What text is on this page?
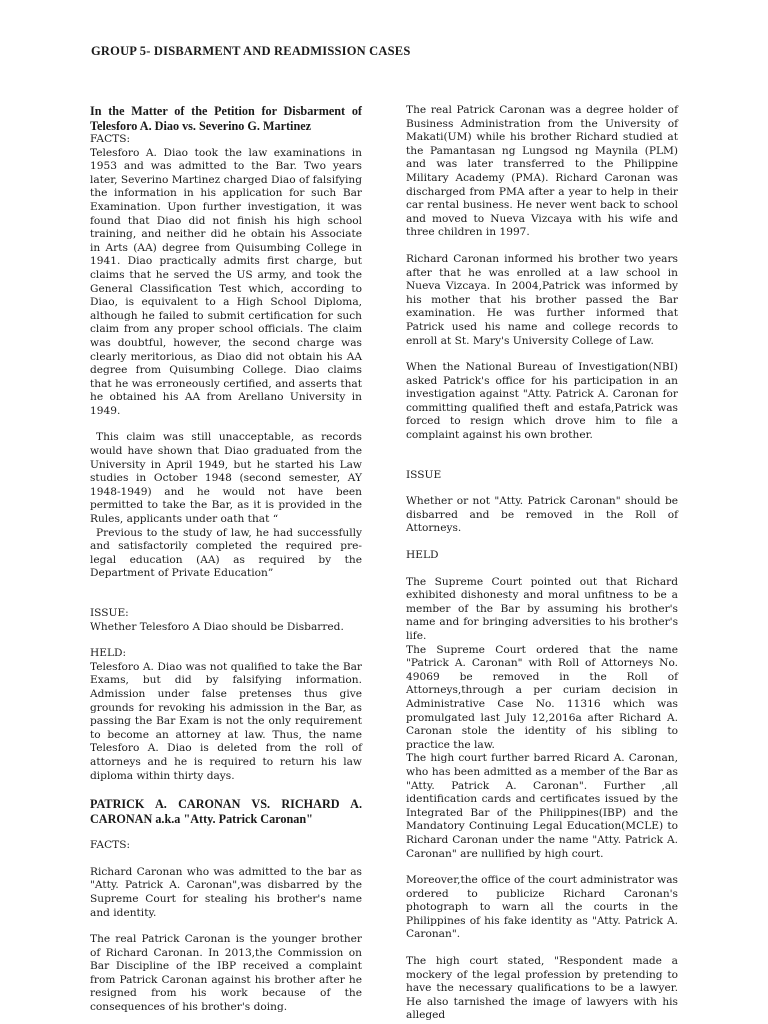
GROUP 5- DISBARMENT AND READMISSION CASES

In the Matter of the Petition for Disbarment of Telesforo A. Diao vs. Severino G. Martinez

FACTS:

Telesforo A. Diao took the law examinations in 1953 and was admitted to the Bar. Two years later, Severino Martinez charged Diao of falsifying the information in his application for such Bar Examination. Upon further investigation, it was found that Diao did not finish his high school training, and neither did he obtain his Associate in Arts (AA) degree from Quisumbing College in 1941. Diao practically admits first charge, but claims that he served the US army, and took the General Classification Test which, according to Diao, is equivalent to a High School Diploma, although he failed to submit certification for such claim from any proper school officials. The claim was doubtful, however, the second charge was clearly meritorious, as Diao did not obtain his AA degree from Quisumbing College. Diao claims that he was erroneously certified, and asserts that he obtained his AA from Arellano University in 1949.

This claim was still unacceptable, as records would have shown that Diao graduated from the University in April 1949, but he started his Law studies in October 1948 (second semester, AY 1948-1949) and he would not have been permitted to take the Bar, as it is provided in the Rules, applicants under oath that “

Previous to the study of law, he had successfully and satisfactorily completed the required pre-legal education (AA) as required by the Department of Private Education”

ISSUE:

Whether Telesforo A Diao should be Disbarred.

HELD:

Telesforo A. Diao was not qualified to take the Bar Exams, but did by falsifying information. Admission under false pretenses thus give grounds for revoking his admission in the Bar, as passing the Bar Exam is not the only requirement to become an attorney at law. Thus, the name Telesforo A. Diao is deleted from the roll of attorneys and he is required to return his law diploma within thirty days.

PATRICK A. CARONAN VS. RICHARD A. CARONAN a.k.a "Atty. Patrick Caronan"

FACTS:

Richard Caronan who was admitted to the bar as "Atty. Patrick A. Caronan",was disbarred by the Supreme Court for stealing his brother's name and identity.

The real Patrick Caronan is the younger brother of Richard Caronan. In 2013,the Commission on Bar Discipline of the IBP received a complaint from Patrick Caronan against his brother after he resigned from his work because of the consequences of his brother's doing.

The real Patrick Caronan was a degree holder of Business Administration from the University of Makati(UM) while his brother Richard studied at the Pamantasan ng Lungsod ng Maynila (PLM) and was later transferred to the Philippine Military Academy (PMA). Richard Caronan was discharged from PMA after a year to help in their car rental business. He never went back to school and moved to Nueva Vizcaya with his wife and three children in 1997.

Richard Caronan informed his brother two years after that he was enrolled at a law school in Nueva Vizcaya. In 2004,Patrick was informed by his mother that his brother passed the Bar examination. He was further informed that Patrick used his name and college records to enroll at St. Mary's University College of Law.

When the National Bureau of Investigation(NBI) asked Patrick's office for his participation in an investigation against "Atty. Patrick A. Caronan for committing qualified theft and estafa,Patrick was forced to resign which drove him to file a complaint against his own brother.

ISSUE

Whether or not "Atty. Patrick Caronan" should be disbarred and be removed in the Roll of Attorneys.

HELD

The Supreme Court pointed out that Richard exhibited dishonesty and moral unfitness to be a member of the Bar by assuming his brother's name and for bringing adversities to his brother's life.

The Supreme Court ordered that the name "Patrick A. Caronan" with Roll of Attorneys No. 49069 be removed in the Roll of Attorneys,through a per curiam decision in Administrative Case No. 11316 which was promulgated last July 12,2016a after Richard A. Caronan stole the identity of his sibling to practice the law.

The high court further barred Ricard A. Caronan, who has been admitted as a member of the Bar as "Atty. Patrick A. Caronan". Further ,all identification cards and certificates issued by the Integrated Bar of the Philippines(IBP) and the Mandatory Continuing Legal Education(MCLE) to Richard Caronan under the name "Atty. Patrick A. Caronan" are nullified by high court.

Moreover,the office of the court administrator was ordered to publicize Richard Caronan's photograph to warn all the courts in the Philippines of his fake identity as "Atty. Patrick A. Caronan".

The high court stated, "Respondent made a mockery of the legal profession by pretending to have the necessary qualifications to be a lawyer. He also tarnished the image of lawyers with his alleged
